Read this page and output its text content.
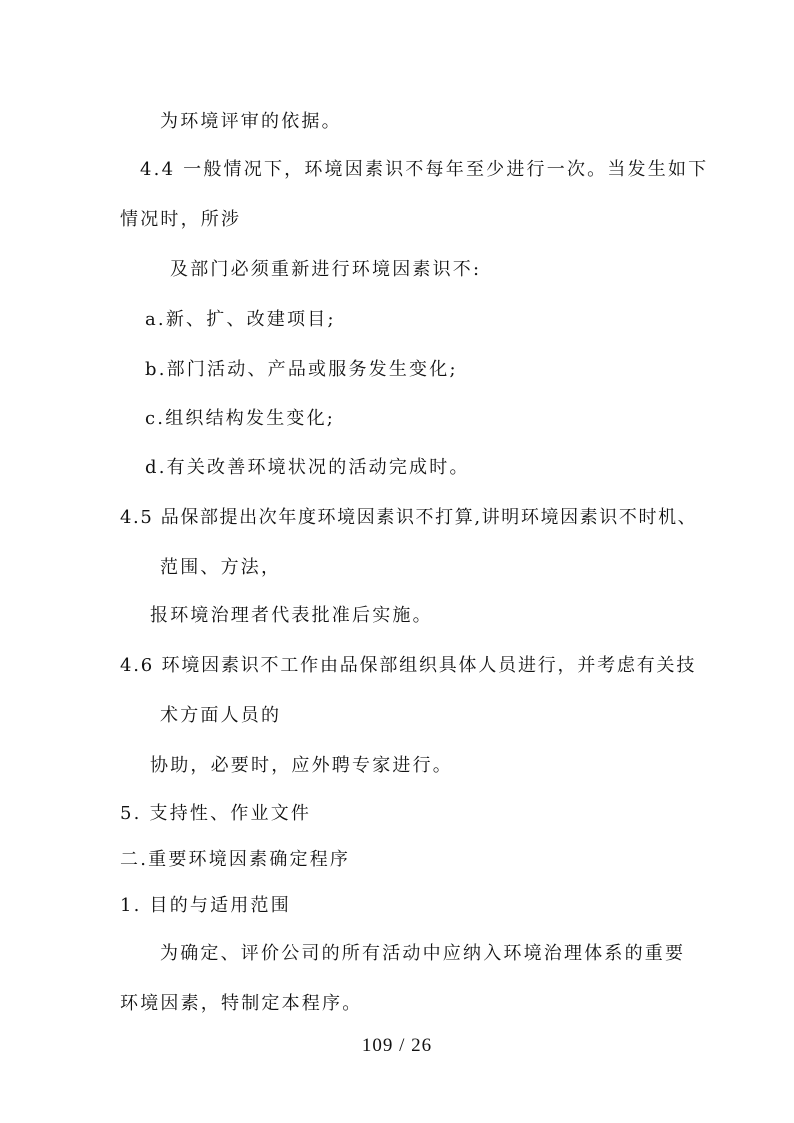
为环境评审的依据。
4.4 一般情况下，环境因素识不每年至少进行一次。当发生如下
情况时，所涉
及部门必须重新进行环境因素识不:
a.新、扩、改建项目;
b.部门活动、产品或服务发生变化;
c.组织结构发生变化;
d.有关改善环境状况的活动完成时。
4.5 品保部提出次年度环境因素识不打算,讲明环境因素识不时机、
范围、方法，
报环境治理者代表批准后实施。
4.6 环境因素识不工作由品保部组织具体人员进行，并考虑有关技
术方面人员的
协助，必要时，应外聘专家进行。
5. 支持性、作业文件
二.重要环境因素确定程序
1. 目的与适用范围
为确定、评价公司的所有活动中应纳入环境治理体系的重要
环境因素，特制定本程序。
109 / 26
